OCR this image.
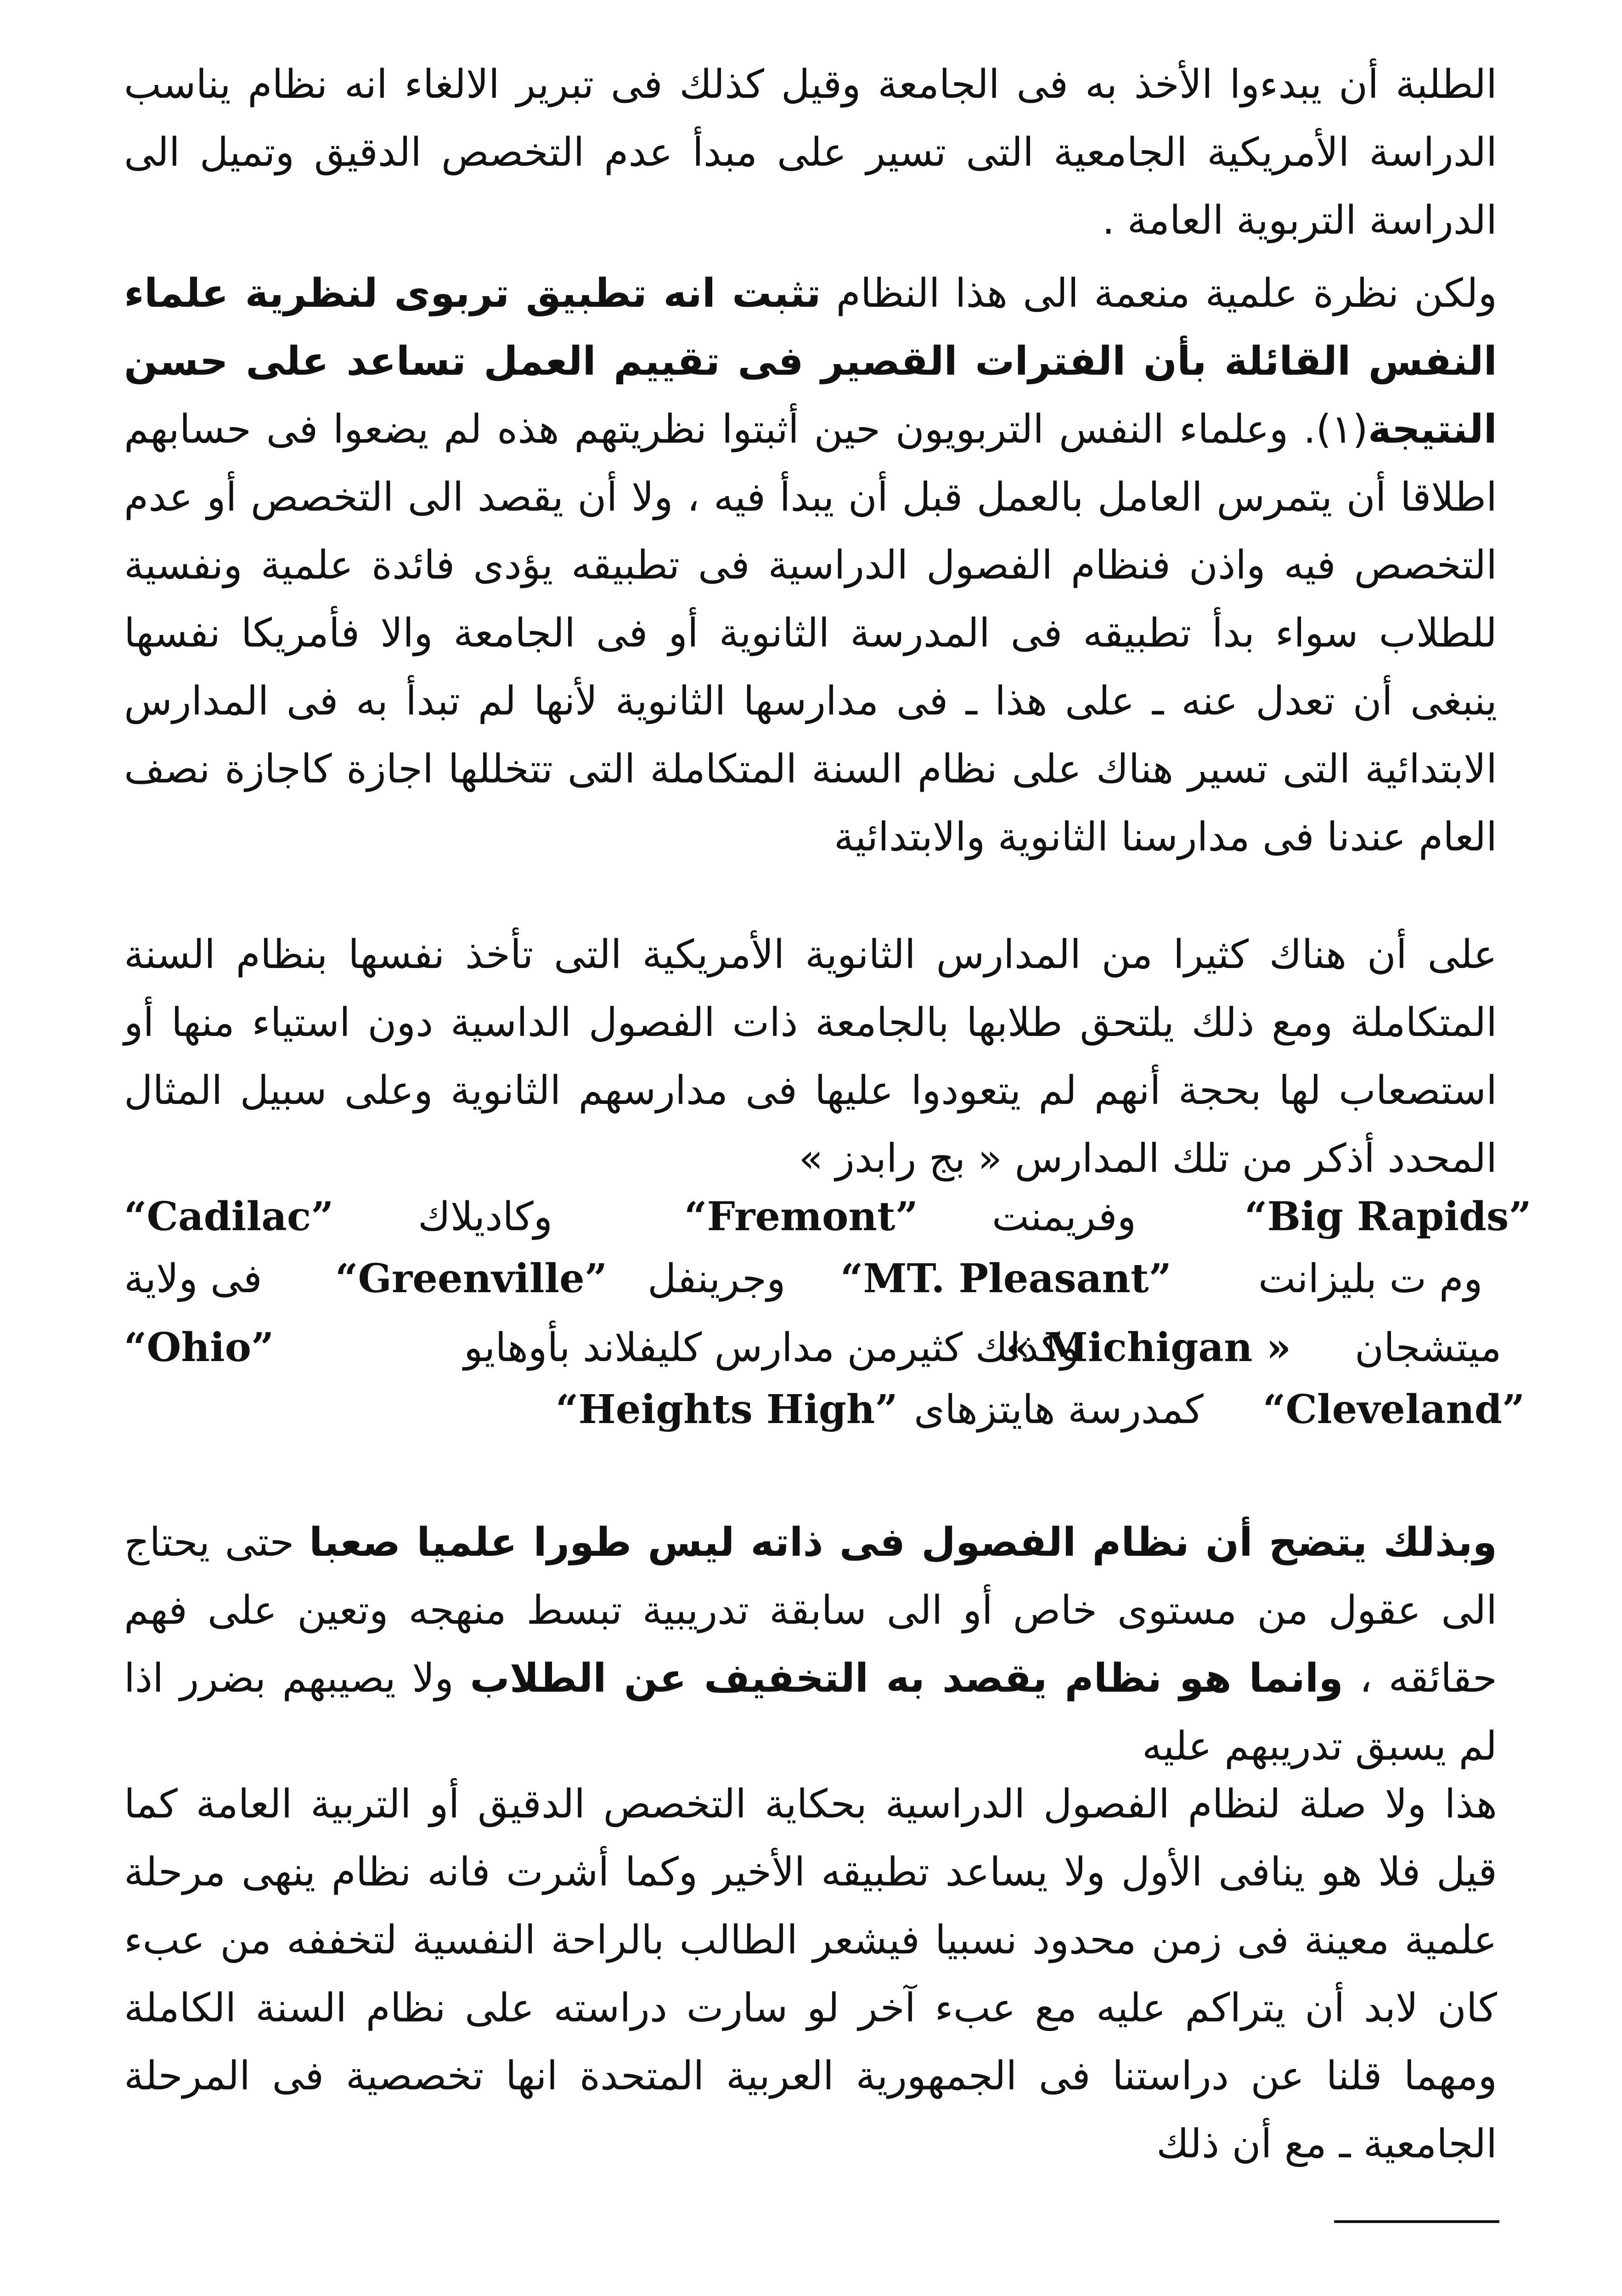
الطلبة أن يبدءوا الأخذ به فى الجامعة وقيل كذلك فى تبرير الالغاء انه نظام يناسب الدراسة الأمريكية الجامعية التى تسير على مبدأ عدم التخصص الدقيق وتميل الى الدراسة التربوية العامة .

ولكن نظرة علمية منعمة الى هذا النظام تثبت انه تطبيق تربوى لنظرية علماء النفس القائلة بأن الفترات القصير فى تقييم العمل تساعد على حسن النتيجة(١). وعلماء النفس التربويون حين أثبتوا نظريتهم هذه لم يضعوا فى حسابهم اطلاقا أن يتمرس العامل بالعمل قبل أن يبدأ فيه ، ولا أن يقصد الى التخصص أو عدم التخصص فيه واذن فنظام الفصول الدراسية فى تطبيقه يؤدى فائدة علمية ونفسية للطلاب سواء بدأ تطبيقه فى المدرسة الثانوية أو فى الجامعة والا فأمريكا نفسها ينبغى أن تعدل عنه ـ على هذا ـ فى مدارسها الثانوية لأنها لم تبدأ به فى المدارس الابتدائية التى تسير هناك على نظام السنة المتكاملة التى تتخللها اجازة كاجازة نصف العام عندنا فى مدارسنا الثانوية والابتدائية

على أن هناك كثيرا من المدارس الثانوية الأمريكية التى تأخذ نفسها بنظام السنة المتكاملة ومع ذلك يلتحق طلابها بالجامعة ذات الفصول الداسية دون استياء منها أو استصعاب لها بحجة أنهم لم يتعودوا عليها فى مدارسهم الثانوية وعلى سبيل المثال المحدد أذكر من تلك المدارس « بج رابدز »

“Cadilac” وكاديلاك	“Fremont” وفريمنت	“Big Rapids”
فى ولاية “Greenville” وجرينفل “MT. Pleasant” وم ت بليزانت
“Ohio”	وكذلك كثيرمن مدارس كليفلاند بأوهايو
« Michigan » ميتشجان
“Heights High” كمدرسة هايتزهاى “Cleveland”

وبذلك يتضح أن نظام الفصول فى ذاته ليس طورا علميا صعبا حتى يحتاج الى عقول من مستوى خاص أو الى سابقة تدريبية تبسط منهجه وتعين على فهم حقائقه ، وانما هو نظام يقصد به التخفيف عن الطلاب ولا يصيبهم بضرر اذا لم يسبق تدريبهم عليه

هذا ولا صلة لنظام الفصول الدراسية بحكاية التخصص الدقيق أو التربية العامة كما قيل فلا هو ينافى الأول ولا يساعد تطبيقه الأخير وكما أشرت فانه نظام ينهى مرحلة علمية معينة فى زمن محدود نسبيا فيشعر الطالب بالراحة النفسية لتخففه من عبء كان لابد أن يتراكم عليه مع عبء آخر لو سارت دراسته على نظام السنة الكاملة ومهما قلنا عن دراستنا فى الجمهورية العربية المتحدة انها تخصصية فى المرحلة الجامعية ـ مع أن ذلك
